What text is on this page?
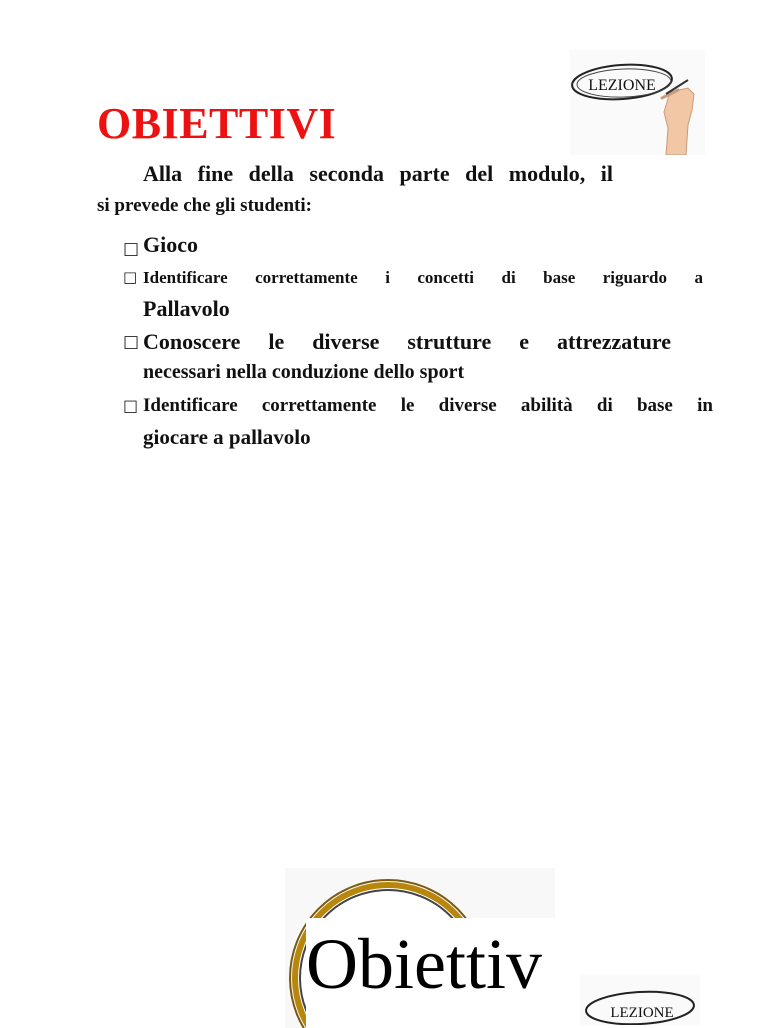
OBIETTIVI
Alla fine della seconda parte del modulo, il
si prevede che gli studenti:
□ Gioco
□ Identificare correttamente i concetti di base riguardo a
Pallavolo
□ Conoscere le diverse strutture e attrezzature
necessari nella conduzione dello sport
□ Identificare correttamente le diverse abilità di base in
giocare a pallavolo
LEZIONE
Obiettiv
LEZIONE
